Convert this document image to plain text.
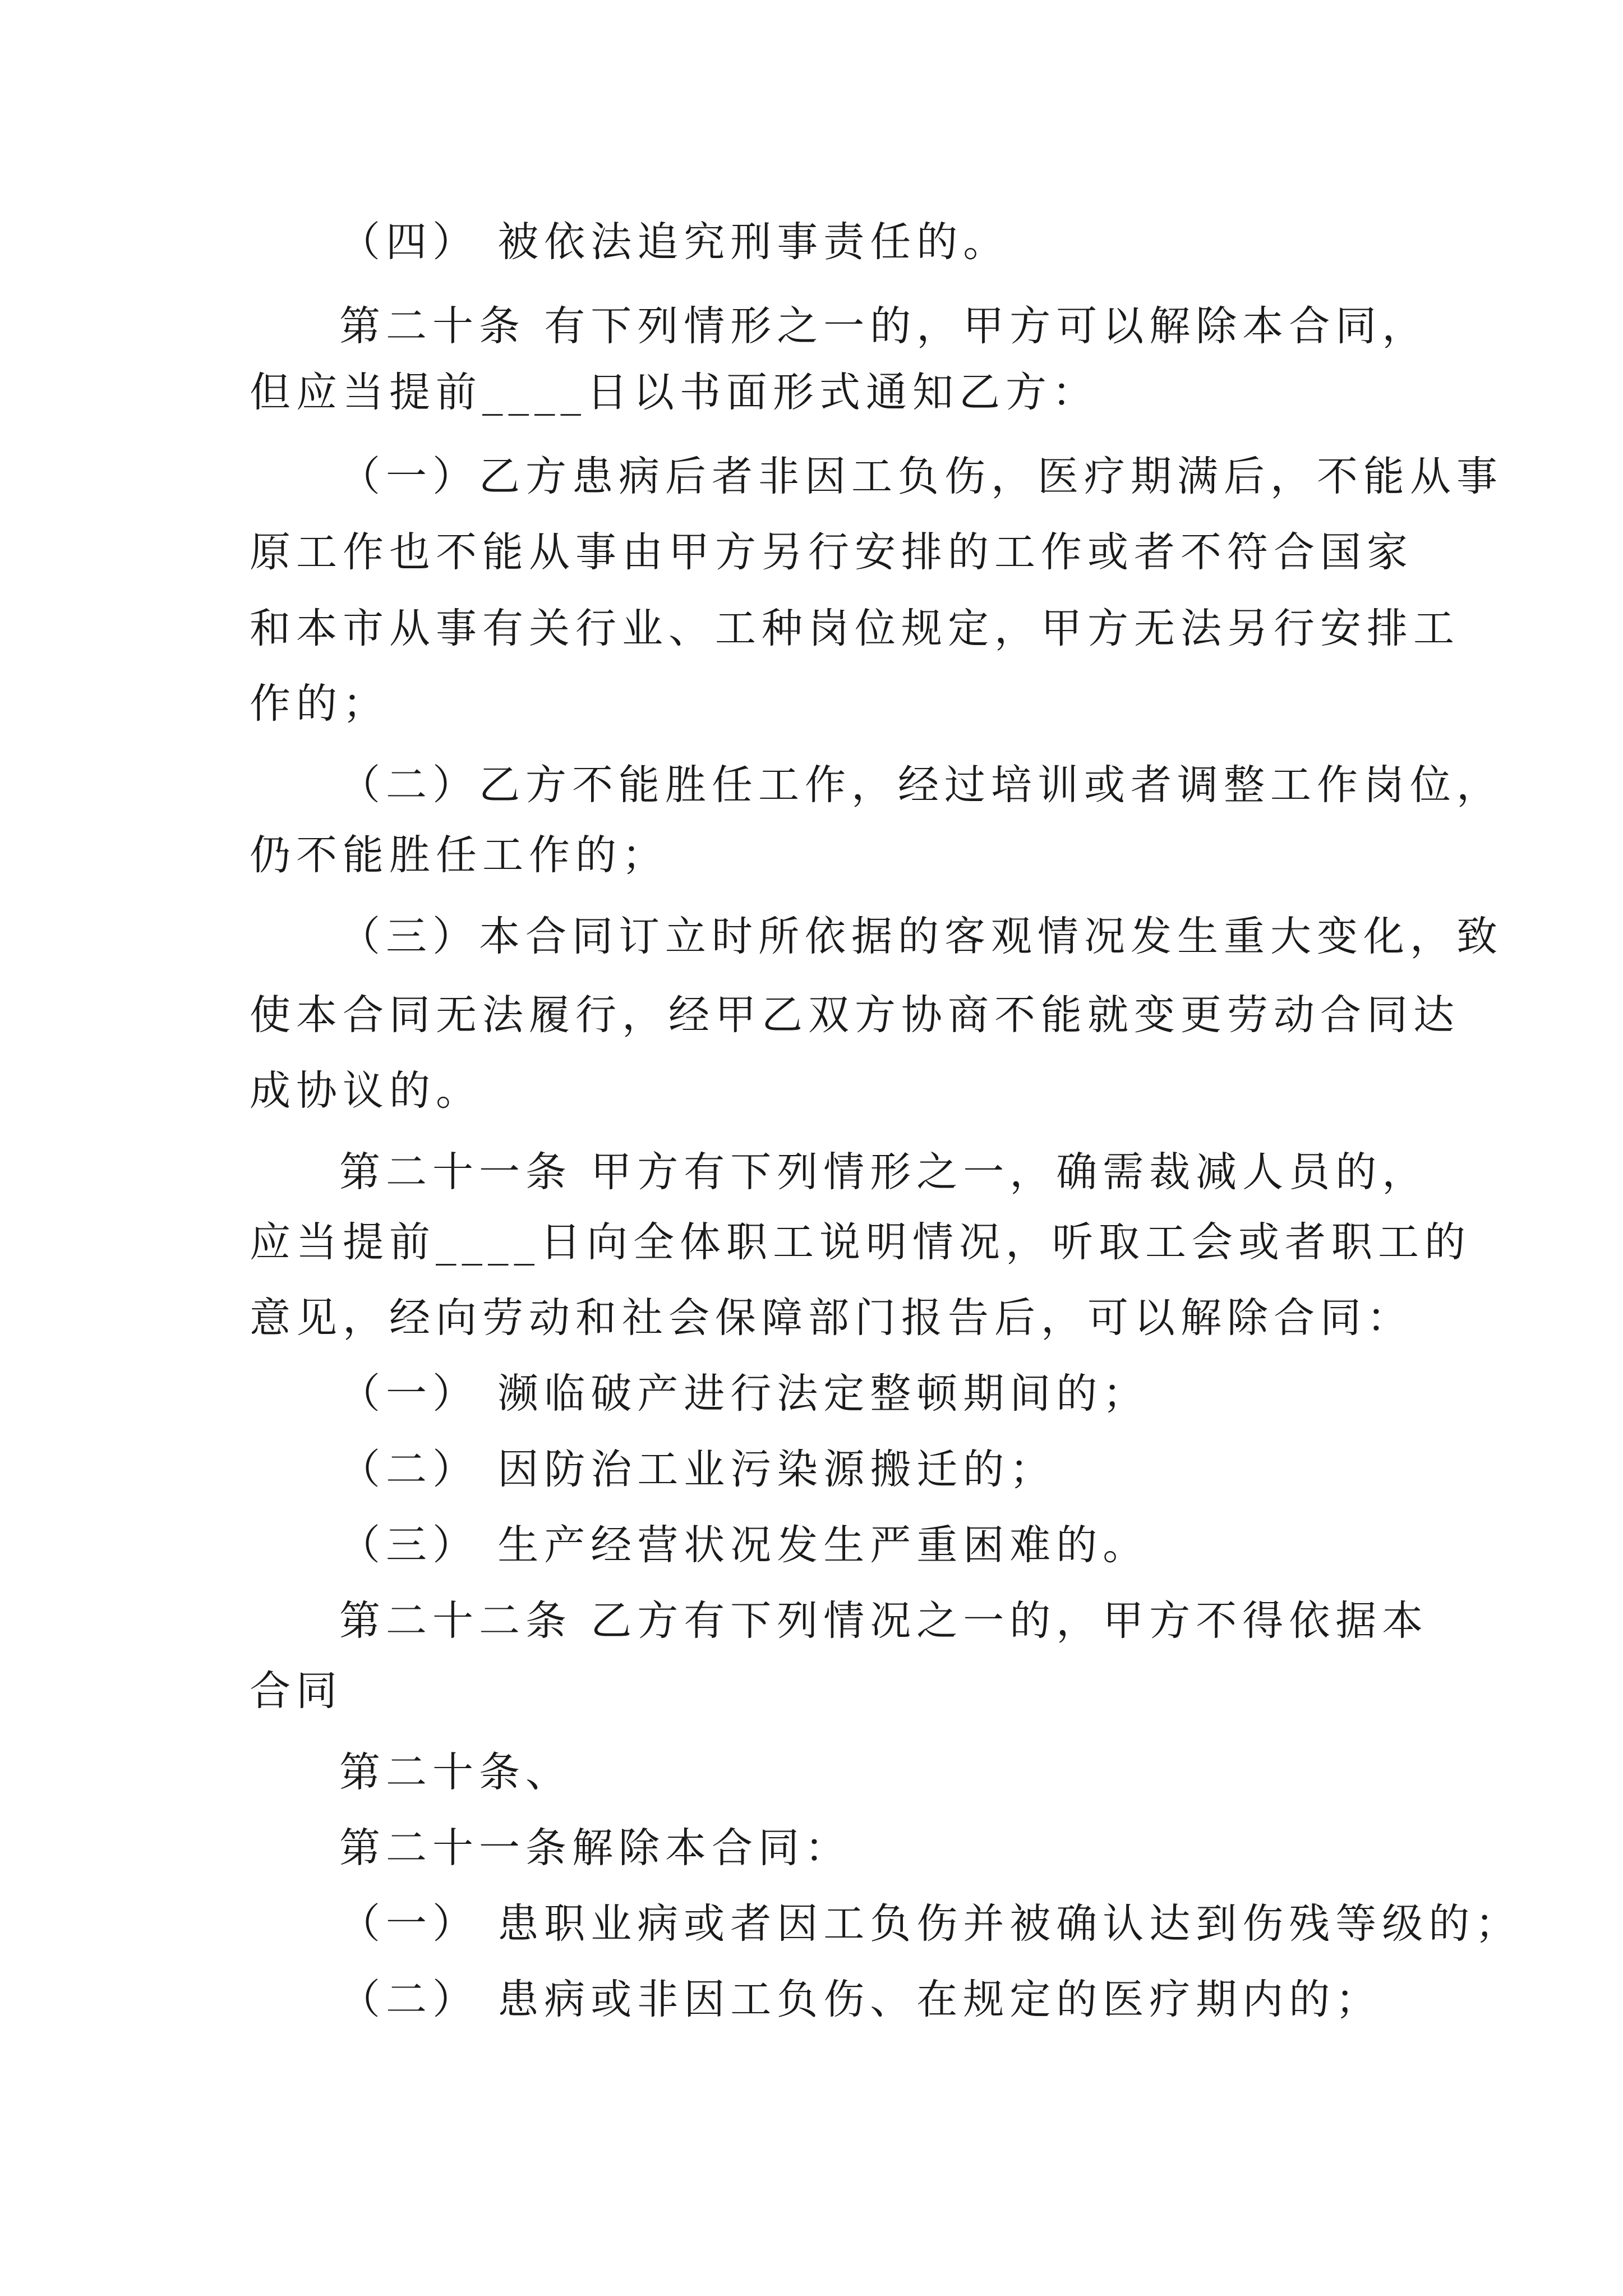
（四） 被依法追究刑事责任的。
第二十条 有下列情形之一的，甲方可以解除本合同，
但应当提前____日以书面形式通知乙方：
（一）乙方患病后者非因工负伤，医疗期满后，不能从事
原工作也不能从事由甲方另行安排的工作或者不符合国家
和本市从事有关行业、工种岗位规定，甲方无法另行安排工
作的；
（二）乙方不能胜任工作，经过培训或者调整工作岗位，
仍不能胜任工作的；
（三）本合同订立时所依据的客观情况发生重大变化，致
使本合同无法履行，经甲乙双方协商不能就变更劳动合同达
成协议的。
第二十一条 甲方有下列情形之一，确需裁减人员的，
应当提前____日向全体职工说明情况，听取工会或者职工的
意见，经向劳动和社会保障部门报告后，可以解除合同：
（一） 濒临破产进行法定整顿期间的；
（二） 因防治工业污染源搬迁的；
（三） 生产经营状况发生严重困难的。
第二十二条 乙方有下列情况之一的，甲方不得依据本
合同
第二十条、
第二十一条解除本合同：
（一） 患职业病或者因工负伤并被确认达到伤残等级的；
（二） 患病或非因工负伤、在规定的医疗期内的；
